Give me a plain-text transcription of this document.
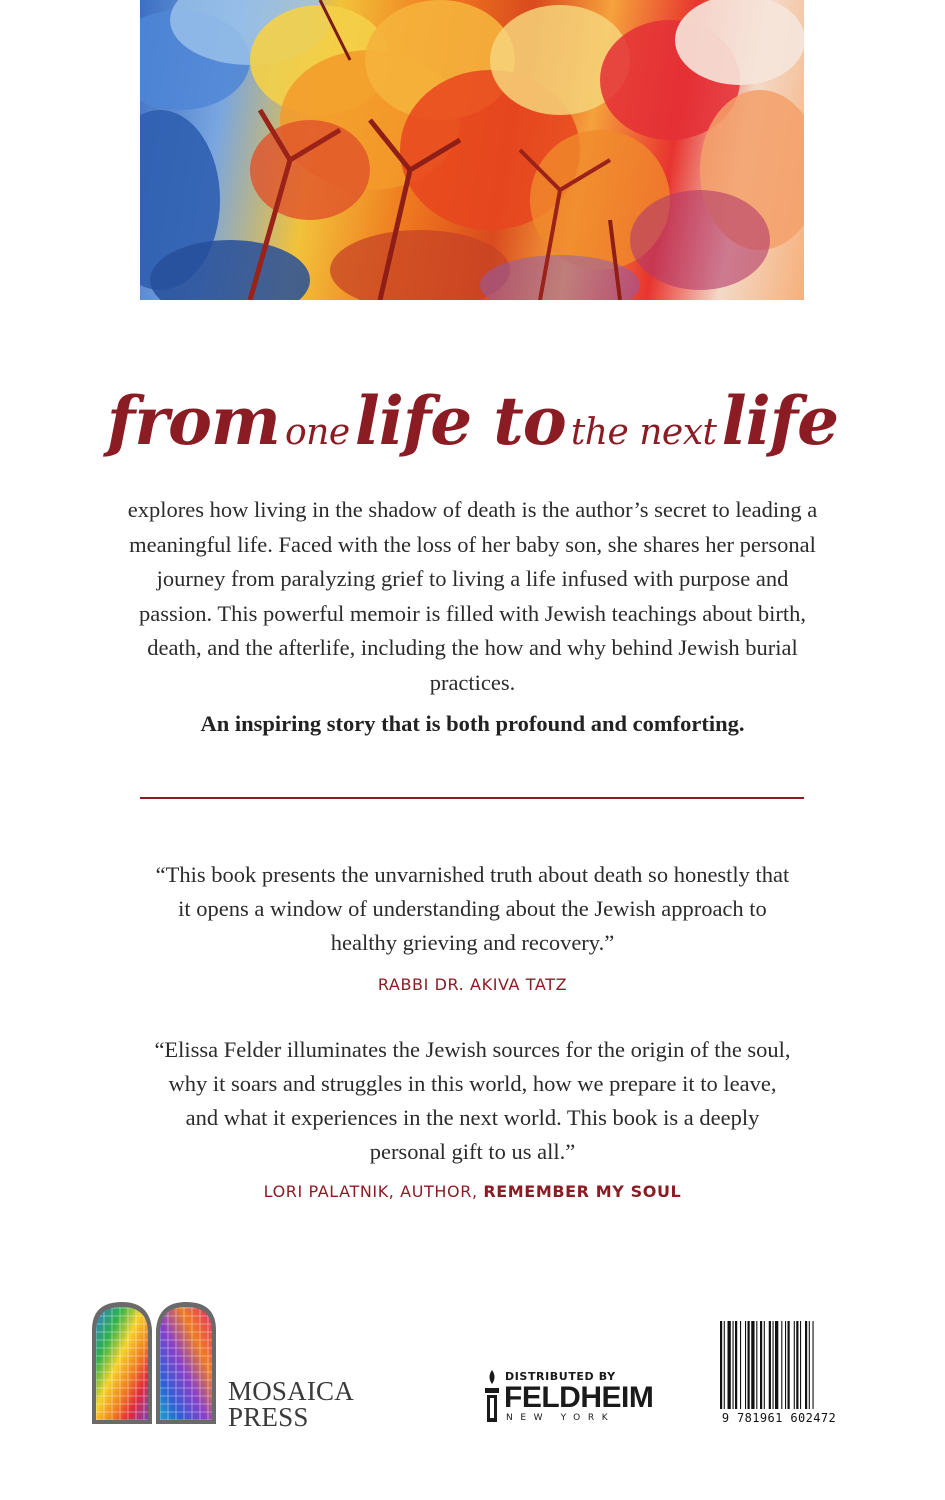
from one life to the next life

explores how living in the shadow of death is the author’s secret to leading a meaningful life. Faced with the loss of her baby son, she shares her personal journey from paralyzing grief to living a life infused with purpose and passion. This powerful memoir is filled with Jewish teachings about birth, death, and the afterlife, including the how and why behind Jewish burial practices.

An inspiring story that is both profound and comforting.

“This book presents the unvarnished truth about death so honestly that it opens a window of understanding about the Jewish approach to healthy grieving and recovery.”

RABBI DR. AKIVA TATZ

“Elissa Felder illuminates the Jewish sources for the origin of the soul, why it soars and struggles in this world, how we prepare it to leave, and what it experiences in the next world. This book is a deeply personal gift to us all.”

LORI PALATNIK, AUTHOR, REMEMBER MY SOUL

MOSAICA
PRESS
DISTRIBUTED BY
FELDHEIM
NEW YORK	9 781961 602472
